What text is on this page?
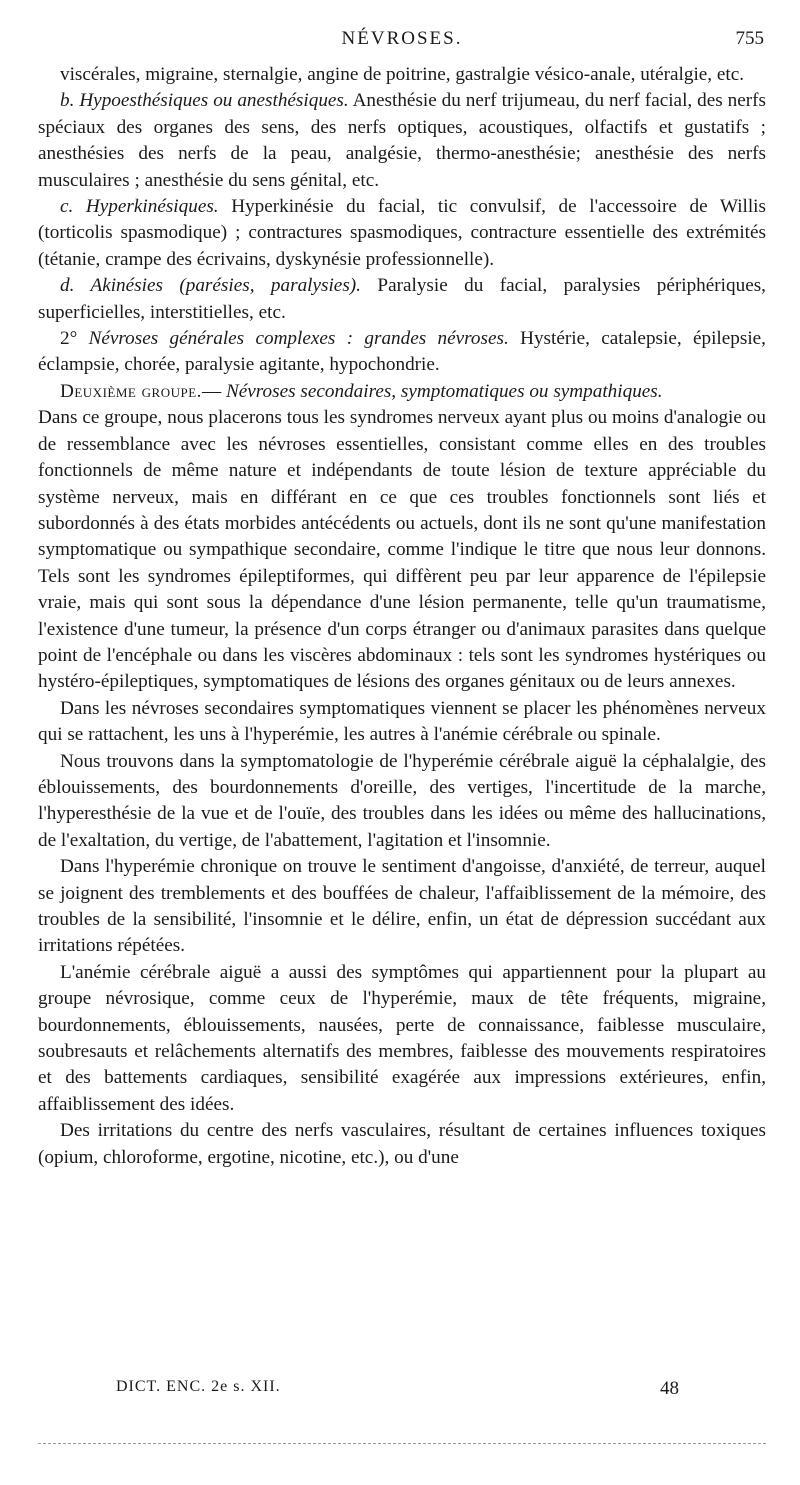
NÉVROSES.	755

viscérales, migraine, sternalgie, angine de poitrine, gastralgie vésico-anale, utéralgie, etc.

b. Hypoesthésiques ou anesthésiques. Anesthésie du nerf trijumeau, du nerf facial, des nerfs spéciaux des organes des sens, des nerfs optiques, acoustiques, olfactifs et gustatifs ; anesthésies des nerfs de la peau, analgésie, thermo-anesthésie; anesthésie des nerfs musculaires ; anesthésie du sens génital, etc.

c. Hyperkinésiques. Hyperkinésie du facial, tic convulsif, de l'accessoire de Willis (torticolis spasmodique) ; contractures spasmodiques, contracture essentielle des extrémités (tétanie, crampe des écrivains, dyskynésie professionnelle).

d. Akinésies (parésies, paralysies). Paralysie du facial, paralysies périphériques, superficielles, interstitielles, etc.

2° Névroses générales complexes : grandes névroses. Hystérie, catalepsie, épilepsie, éclampsie, chorée, paralysie agitante, hypochondrie.

Deuxième groupe.— Névroses secondaires, symptomatiques ou sympathiques.

Dans ce groupe, nous placerons tous les syndromes nerveux ayant plus ou moins d'analogie ou de ressemblance avec les névroses essentielles, consistant comme elles en des troubles fonctionnels de même nature et indépendants de toute lésion de texture appréciable du système nerveux, mais en différant en ce que ces troubles fonctionnels sont liés et subordonnés à des états morbides antécédents ou actuels, dont ils ne sont qu'une manifestation symptomatique ou sympathique secondaire, comme l'indique le titre que nous leur donnons. Tels sont les syndromes épileptiformes, qui diffèrent peu par leur apparence de l'épilepsie vraie, mais qui sont sous la dépendance d'une lésion permanente, telle qu'un traumatisme, l'existence d'une tumeur, la présence d'un corps étranger ou d'animaux parasites dans quelque point de l'encéphale ou dans les viscères abdominaux : tels sont les syndromes hystériques ou hystéro-épileptiques, symptomatiques de lésions des organes génitaux ou de leurs annexes.

Dans les névroses secondaires symptomatiques viennent se placer les phénomènes nerveux qui se rattachent, les uns à l'hyperémie, les autres à l'anémie cérébrale ou spinale.

Nous trouvons dans la symptomatologie de l'hyperémie cérébrale aiguë la céphalalgie, des éblouissements, des bourdonnements d'oreille, des vertiges, l'incertitude de la marche, l'hyperesthésie de la vue et de l'ouïe, des troubles dans les idées ou même des hallucinations, de l'exaltation, du vertige, de l'abattement, l'agitation et l'insomnie.

Dans l'hyperémie chronique on trouve le sentiment d'angoisse, d'anxiété, de terreur, auquel se joignent des tremblements et des bouffées de chaleur, l'affaiblissement de la mémoire, des troubles de la sensibilité, l'insomnie et le délire, enfin, un état de dépression succédant aux irritations répétées.

L'anémie cérébrale aiguë a aussi des symptômes qui appartiennent pour la plupart au groupe névrosique, comme ceux de l'hyperémie, maux de tête fréquents, migraine, bourdonnements, éblouissements, nausées, perte de connaissance, faiblesse musculaire, soubresauts et relâchements alternatifs des membres, faiblesse des mouvements respiratoires et des battements cardiaques, sensibilité exagérée aux impressions extérieures, enfin, affaiblissement des idées.

Des irritations du centre des nerfs vasculaires, résultant de certaines influences toxiques (opium, chloroforme, ergotine, nicotine, etc.), ou d'une

DICT. ENC. 2e s. XII.	48
